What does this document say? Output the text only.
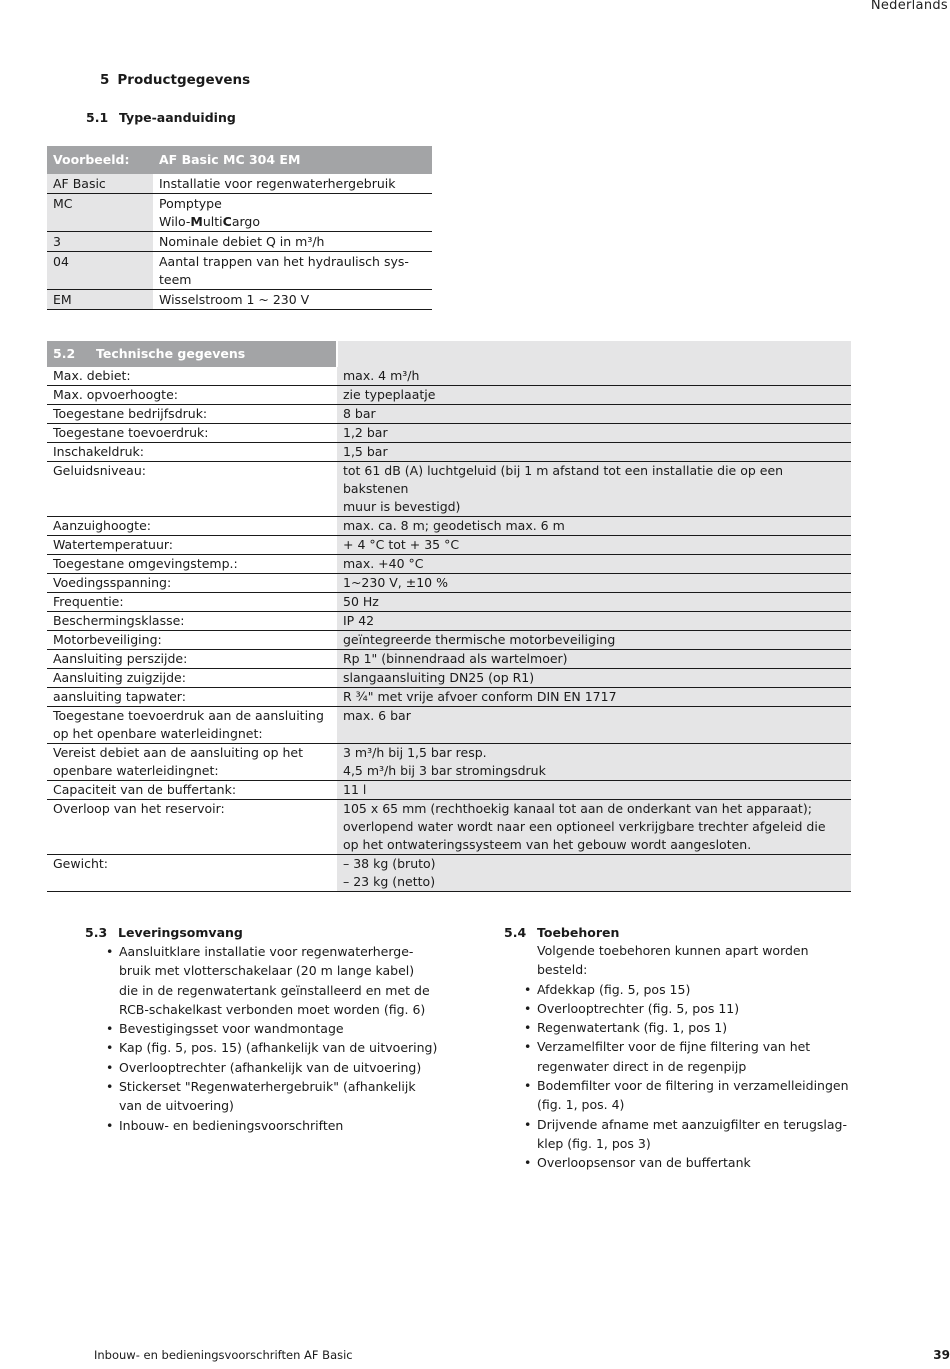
Nederlands
5 Productgegevens
5.1 Type-aanduiding
Voorbeeld:	AF Basic MC 304 EM
AF Basic	Installatie voor regenwaterhergebruik
MC	Pomptype
Wilo-MultiCargo
3	Nominale debiet Q in m³/h
04	Aantal trappen van het hydraulisch sys-
teem
EM	Wisselstroom 1 ~ 230 V
5.2 Technische gegevens	
Max. debiet:	max. 4 m³/h
Max. opvoerhoogte:	zie typeplaatje
Toegestane bedrijfsdruk:	8 bar
Toegestane toevoerdruk:	1,2 bar
Inschakeldruk:	1,5 bar
Geluidsniveau:	tot 61 dB (A) luchtgeluid (bij 1 m afstand tot een installatie die op een bakstenen
muur is bevestigd)
Aanzuighoogte:	max. ca. 8 m; geodetisch max. 6 m
Watertemperatuur:	+ 4 °C tot + 35 °C
Toegestane omgevingstemp.:	max. +40 °C
Voedingsspanning:	1~230 V, ±10 %
Frequentie:	50 Hz
Beschermingsklasse:	IP 42
Motorbeveiliging:	geïntegreerde thermische motorbeveiliging
Aansluiting perszijde:	Rp 1" (binnendraad als wartelmoer)
Aansluiting zuigzijde:	slangaansluiting DN25 (op R1)
aansluiting tapwater:	R ¾" met vrije afvoer conform DIN EN 1717
Toegestane toevoerdruk aan de aansluiting
op het openbare waterleidingnet:	max. 6 bar
Vereist debiet aan de aansluiting op het
openbare waterleidingnet:	3 m³/h bij 1,5 bar resp.
4,5 m³/h bij 3 bar stromingsdruk
Capaciteit van de buffertank:	11 l
Overloop van het reservoir:	105 x 65 mm (rechthoekig kanaal tot aan de onderkant van het apparaat);
overlopend water wordt naar een optioneel verkrijgbare trechter afgeleid die
op het ontwateringssysteem van het gebouw wordt aangesloten.
Gewicht:	– 38 kg (bruto)
– 23 kg (netto)
5.3 Leveringsomvang
• Aansluitklare installatie voor regenwaterherge-
bruik met vlotterschakelaar (20 m lange kabel)
die in de regenwatertank geïnstalleerd en met de
RCB-schakelkast verbonden moet worden (fig. 6)
• Bevestigingsset voor wandmontage
• Kap (fig. 5, pos. 15) (afhankelijk van de uitvoering)
• Overlooptrechter (afhankelijk van de uitvoering)
• Stickerset "Regenwaterhergebruik" (afhankelijk
van de uitvoering)
• Inbouw- en bedieningsvoorschriften
5.4 Toebehoren
Volgende toebehoren kunnen apart worden
besteld:
• Afdekkap (fig. 5, pos 15)
• Overlooptrechter (fig. 5, pos 11)
• Regenwatertank (fig. 1, pos 1)
• Verzamelfilter voor de fijne filtering van het
regenwater direct in de regenpijp
• Bodemfilter voor de filtering in verzamelleidingen
(fig. 1, pos. 4)
• Drijvende afname met aanzuigfilter en terugslag-
klep (fig. 1, pos 3)
• Overloopsensor van de buffertank
Inbouw- en bedieningsvoorschriften AF Basic	39
